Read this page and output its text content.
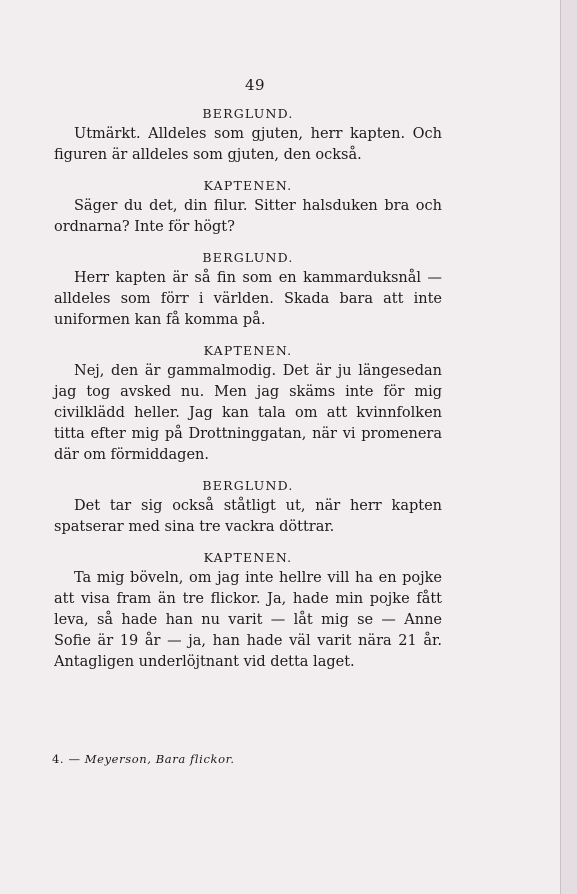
49

BERGLUND.

Utmärkt. Alldeles som gjuten, herr kapten. Och figuren är alldeles som gjuten, den också.

KAPTENEN.

Säger du det, din filur. Sitter halsduken bra och ordnarna? Inte för högt?

BERGLUND.

Herr kapten är så fin som en kammarduksnål — alldeles som förr i världen. Skada bara att inte uniformen kan få komma på.

KAPTENEN.

Nej, den är gammalmodig. Det är ju längesedan jag tog avsked nu. Men jag skäms inte för mig civilklädd heller. Jag kan tala om att kvinnfolken titta efter mig på Drottninggatan, när vi promenera där om förmiddagen.

BERGLUND.

Det tar sig också ståtligt ut, när herr kapten spatserar med sina tre vackra döttrar.

KAPTENEN.

Ta mig böveln, om jag inte hellre vill ha en pojke att visa fram än tre flickor. Ja, hade min pojke fått leva, så hade han nu varit — låt mig se — Anne Sofie är 19 år — ja, han hade väl varit nära 21 år. Antagligen underlöjtnant vid detta laget.

4. — Meyerson, Bara flickor.
